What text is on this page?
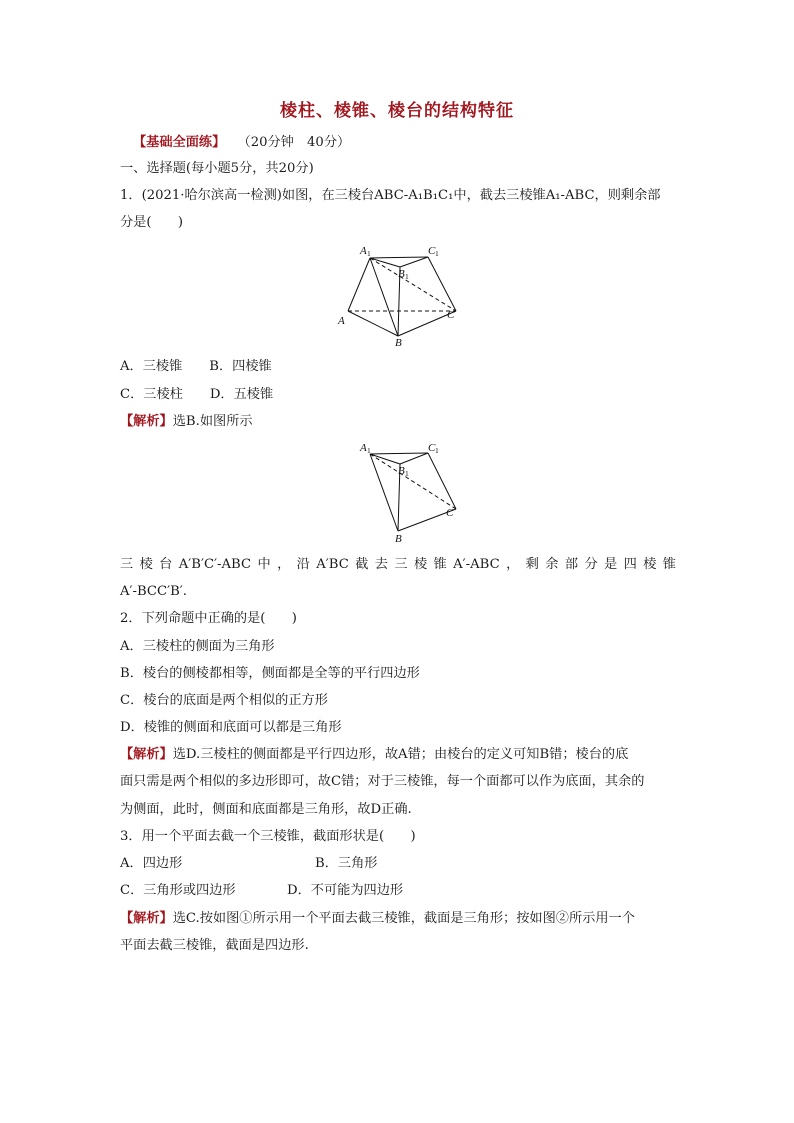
棱柱、棱锥、棱台的结构特征
【基础全面练】 （20分钟　40分）
一、选择题(每小题5分，共20分)
1．(2021·哈尔滨高一检测)如图，在三棱台ABC-A₁B₁C₁中，截去三棱锥A₁-ABC，则剩余部
分是(　　)
A 1	C 1
B 1
A
B
C
A．三棱锥 B．四棱锥
C．三棱柱 D．五棱锥
【解析】选B.如图所示
A 1	C 1
B 1
B
C
三棱台A′B′C′-ABC中，沿A′BC截去三棱锥A′-ABC，剩余部分是四棱锥
A′-BCC′B′.
2．下列命题中正确的是(　　)
A．三棱柱的侧面为三角形
B．棱台的侧棱都相等，侧面都是全等的平行四边形
C．棱台的底面是两个相似的正方形
D．棱锥的侧面和底面可以都是三角形
【解析】选D.三棱柱的侧面都是平行四边形，故A错；由棱台的定义可知B错；棱台的底
面只需是两个相似的多边形即可，故C错；对于三棱锥，每一个面都可以作为底面，其余的
为侧面，此时，侧面和底面都是三角形，故D正确.
3．用一个平面去截一个三棱锥，截面形状是(　　)
A．四边形	B．三角形
C．三角形或四边形	D．不可能为四边形
【解析】选C.按如图①所示用一个平面去截三棱锥，截面是三角形；按如图②所示用一个
平面去截三棱锥，截面是四边形.
